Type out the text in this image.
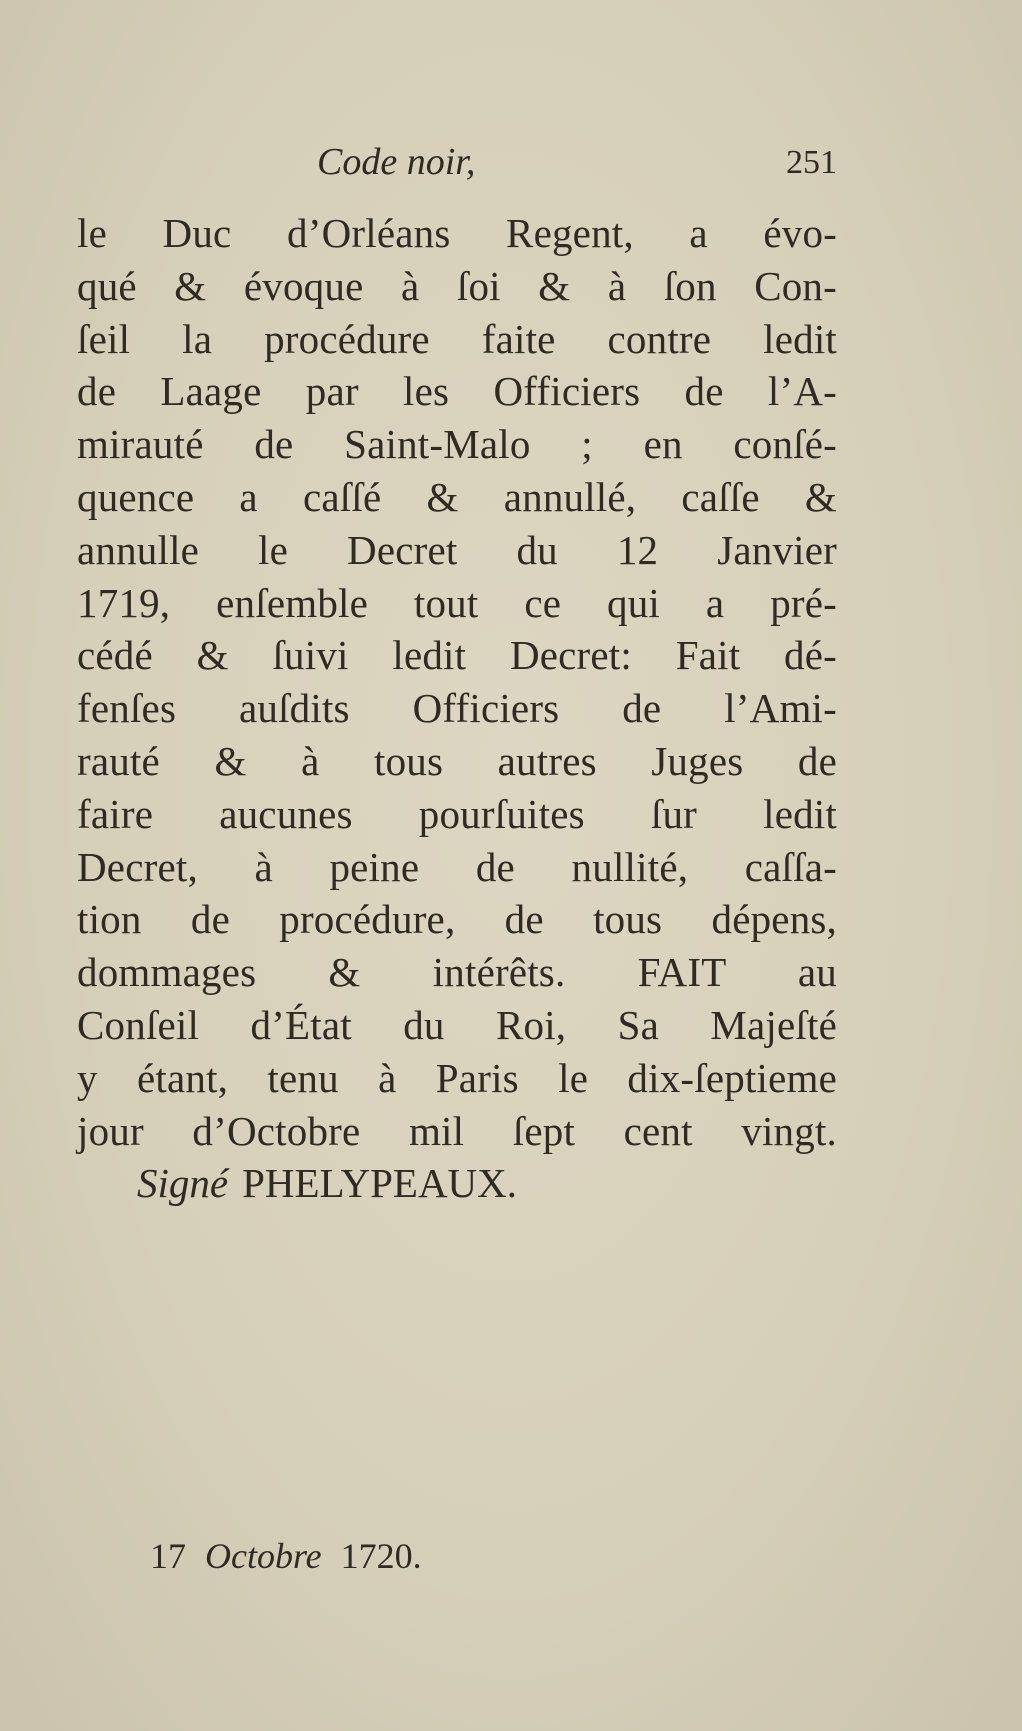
Code noir,	251
le Duc d’Orléans Regent, a évo-
qué & évoque à ſoi & à ſon Con-
ſeil la procédure faite contre ledit
de Laage par les Officiers de l’A-
mirauté de Saint-Malo ; en conſé-
quence a caſſé & annullé, caſſe &
annulle le Decret du 12 Janvier
1719, enſemble tout ce qui a pré-
cédé & ſuivi ledit Decret: Fait dé-
fenſes auſdits Officiers de l’Ami-
rauté & à tous autres Juges de
faire aucunes pourſuites ſur ledit
Decret, à peine de nullité, caſſa-
tion de procédure, de tous dépens,
dommages & intérêts. FAIT au
Conſeil d’État du Roi, Sa Majeſté
y étant, tenu à Paris le dix-ſeptieme
jour d’Octobre mil ſept cent vingt.
Signé PHELYPEAUX.
17 Octobre 1720.
